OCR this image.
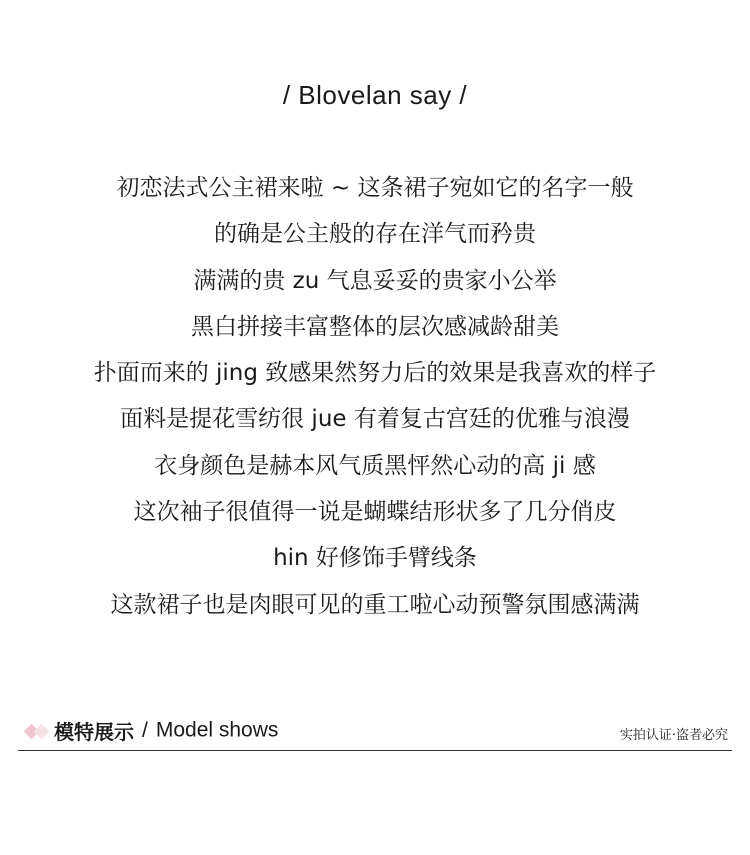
/ Blovelan say /
初恋法式公主裙来啦 ~ 这条裙子宛如它的名字一般
的确是公主般的存在洋气而矜贵
满满的贵 zu 气息妥妥的贵家小公举
黑白拼接丰富整体的层次感减龄甜美
扑面而来的 jing 致感果然努力后的效果是我喜欢的样子
面料是提花雪纺很 jue 有着复古宫廷的优雅与浪漫
衣身颜色是赫本风气质黑怦然心动的高 ji 感
这次袖子很值得一说是蝴蝶结形状多了几分俏皮
hin 好修饰手臂线条
这款裙子也是肉眼可见的重工啦心动预警氛围感满满
模特展示 / Model shows	实拍认证·盗者必究
